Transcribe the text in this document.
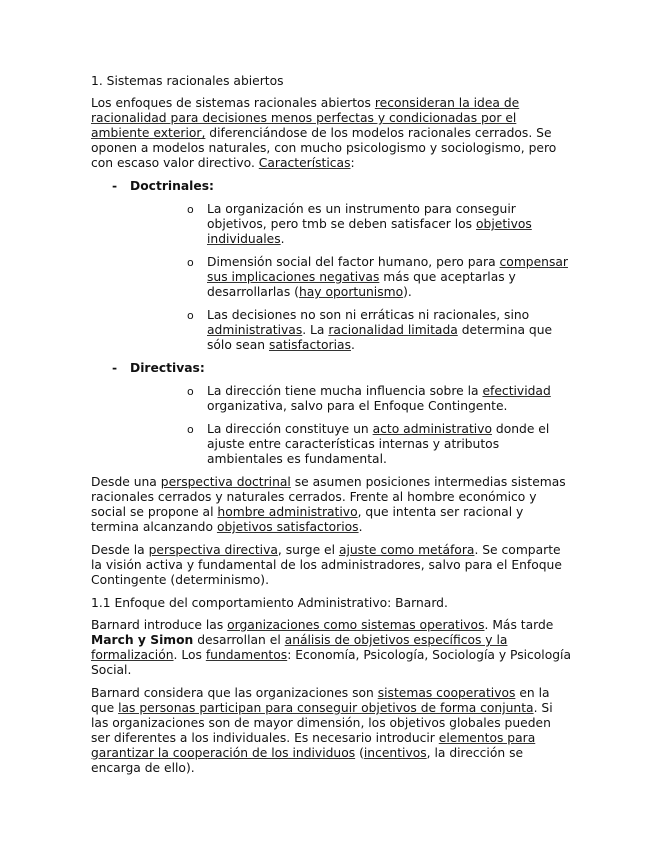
1. Sistemas racionales abiertos

Los enfoques de sistemas racionales abiertos reconsideran la idea de racionalidad para decisiones menos perfectas y condicionadas por el ambiente exterior, diferenciándose de los modelos racionales cerrados. Se oponen a modelos naturales, con mucho psicologismo y sociologismo, pero con escaso valor directivo. Características:

- Doctrinales:
o La organización es un instrumento para conseguir objetivos, pero tmb se deben satisfacer los objetivos individuales.
o Dimensión social del factor humano, pero para compensar sus implicaciones negativas más que aceptarlas y desarrollarlas (hay oportunismo).
o Las decisiones no son ni erráticas ni racionales, sino administrativas. La racionalidad limitada determina que sólo sean satisfactorias.
- Directivas:
o La dirección tiene mucha influencia sobre la efectividad organizativa, salvo para el Enfoque Contingente.
o La dirección constituye un acto administrativo donde el ajuste entre características internas y atributos ambientales es fundamental.

Desde una perspectiva doctrinal se asumen posiciones intermedias sistemas racionales cerrados y naturales cerrados. Frente al hombre económico y social se propone al hombre administrativo, que intenta ser racional y termina alcanzando objetivos satisfactorios.

Desde la perspectiva directiva, surge el ajuste como metáfora. Se comparte la visión activa y fundamental de los administradores, salvo para el Enfoque Contingente (determinismo).

1.1 Enfoque del comportamiento Administrativo: Barnard.

Barnard introduce las organizaciones como sistemas operativos. Más tarde March y Simon desarrollan el análisis de objetivos específicos y la formalización. Los fundamentos: Economía, Psicología, Sociología y Psicología Social.

Barnard considera que las organizaciones son sistemas cooperativos en la que las personas participan para conseguir objetivos de forma conjunta. Si las organizaciones son de mayor dimensión, los objetivos globales pueden ser diferentes a los individuales. Es necesario introducir elementos para garantizar la cooperación de los individuos (incentivos, la dirección se encarga de ello).
